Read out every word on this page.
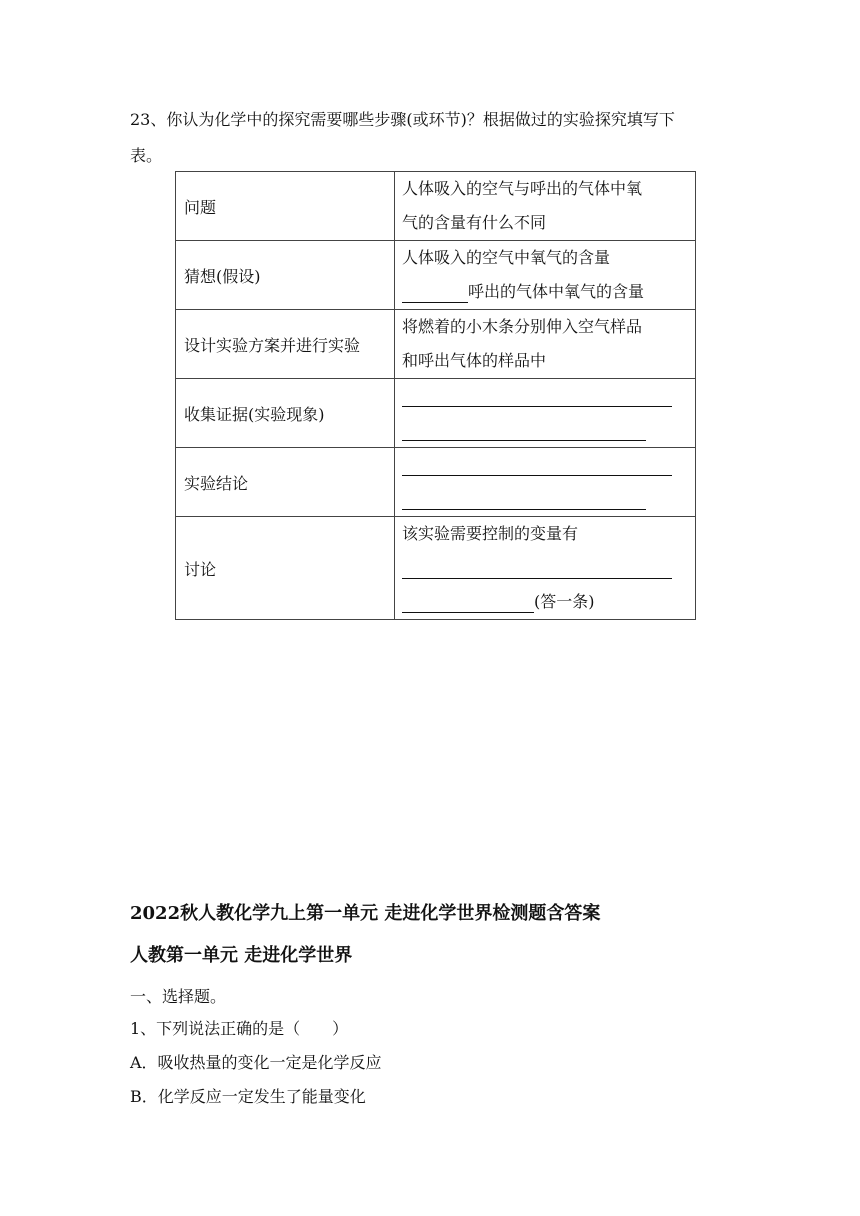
23、你认为化学中的探究需要哪些步骤(或环节)？根据做过的实验探究填写下
表。
问题	人体吸入的空气与呼出的气体中氧
气的含量有什么不同

猜想(假设)	人体吸入的空气中氧气的含量
呼出的气体中氧气的含量

设计实验方案并进行实验	将燃着的小木条分别伸入空气样品
和呼出气体的样品中

收集证据(实验现象)	

实验结论	

讨论	该实验需要控制的变量有
(答一条)
2022秋人教化学九上第一单元 走进化学世界检测题含答案
人教第一单元 走进化学世界
一、选择题。
1、下列说法正确的是（　　）
A．吸收热量的变化一定是化学反应
B．化学反应一定发生了能量变化
